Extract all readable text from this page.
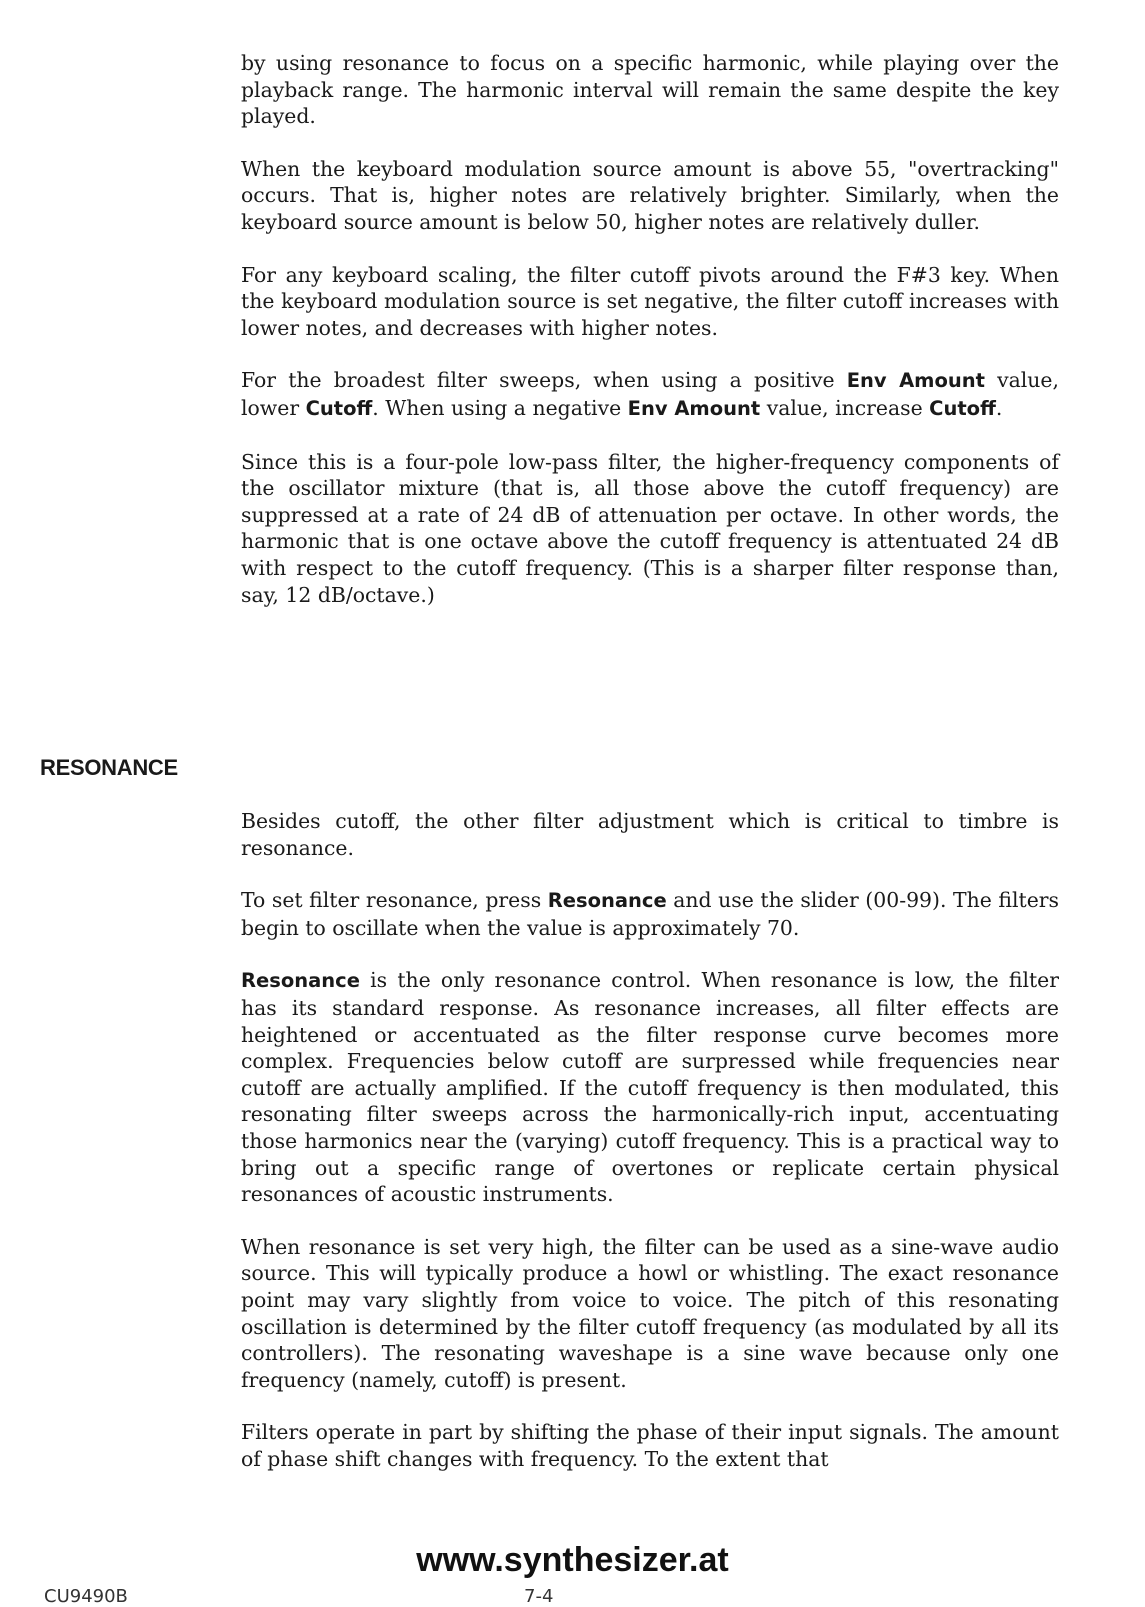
by using resonance to focus on a specific harmonic, while playing over the playback range. The harmonic interval will remain the same despite the key played.

When the keyboard modulation source amount is above 55, "overtracking" occurs. That is, higher notes are relatively brighter. Similarly, when the keyboard source amount is below 50, higher notes are relatively duller.

For any keyboard scaling, the filter cutoff pivots around the F#3 key. When the keyboard modulation source is set negative, the filter cutoff increases with lower notes, and decreases with higher notes.

For the broadest filter sweeps, when using a positive Env Amount value, lower Cutoff. When using a negative Env Amount value, increase Cutoff.

Since this is a four-pole low-pass filter, the higher-frequency components of the oscillator mixture (that is, all those above the cutoff frequency) are suppressed at a rate of 24 dB of attenuation per octave. In other words, the harmonic that is one octave above the cutoff frequency is attentuated 24 dB with respect to the cutoff frequency. (This is a sharper filter response than, say, 12 dB/octave.)

RESONANCE

Besides cutoff, the other filter adjustment which is critical to timbre is resonance.

To set filter resonance, press Resonance and use the slider (00-99). The filters begin to oscillate when the value is approximately 70.

Resonance is the only resonance control. When resonance is low, the filter has its standard response. As resonance increases, all filter effects are heightened or accentuated as the filter response curve becomes more complex. Frequencies below cutoff are surpressed while frequencies near cutoff are actually amplified. If the cutoff frequency is then modulated, this resonating filter sweeps across the harmonically-rich input, accentuating those harmonics near the (varying) cutoff frequency. This is a practical way to bring out a specific range of overtones or replicate certain physical resonances of acoustic instruments.

When resonance is set very high, the filter can be used as a sine-wave audio source. This will typically produce a howl or whistling. The exact resonance point may vary slightly from voice to voice. The pitch of this resonating oscillation is determined by the filter cutoff frequency (as modulated by all its controllers). The resonating waveshape is a sine wave because only one frequency (namely, cutoff) is present.

Filters operate in part by shifting the phase of their input signals. The amount of phase shift changes with frequency. To the extent that

www.synthesizer.at
CU9490B	7-4
